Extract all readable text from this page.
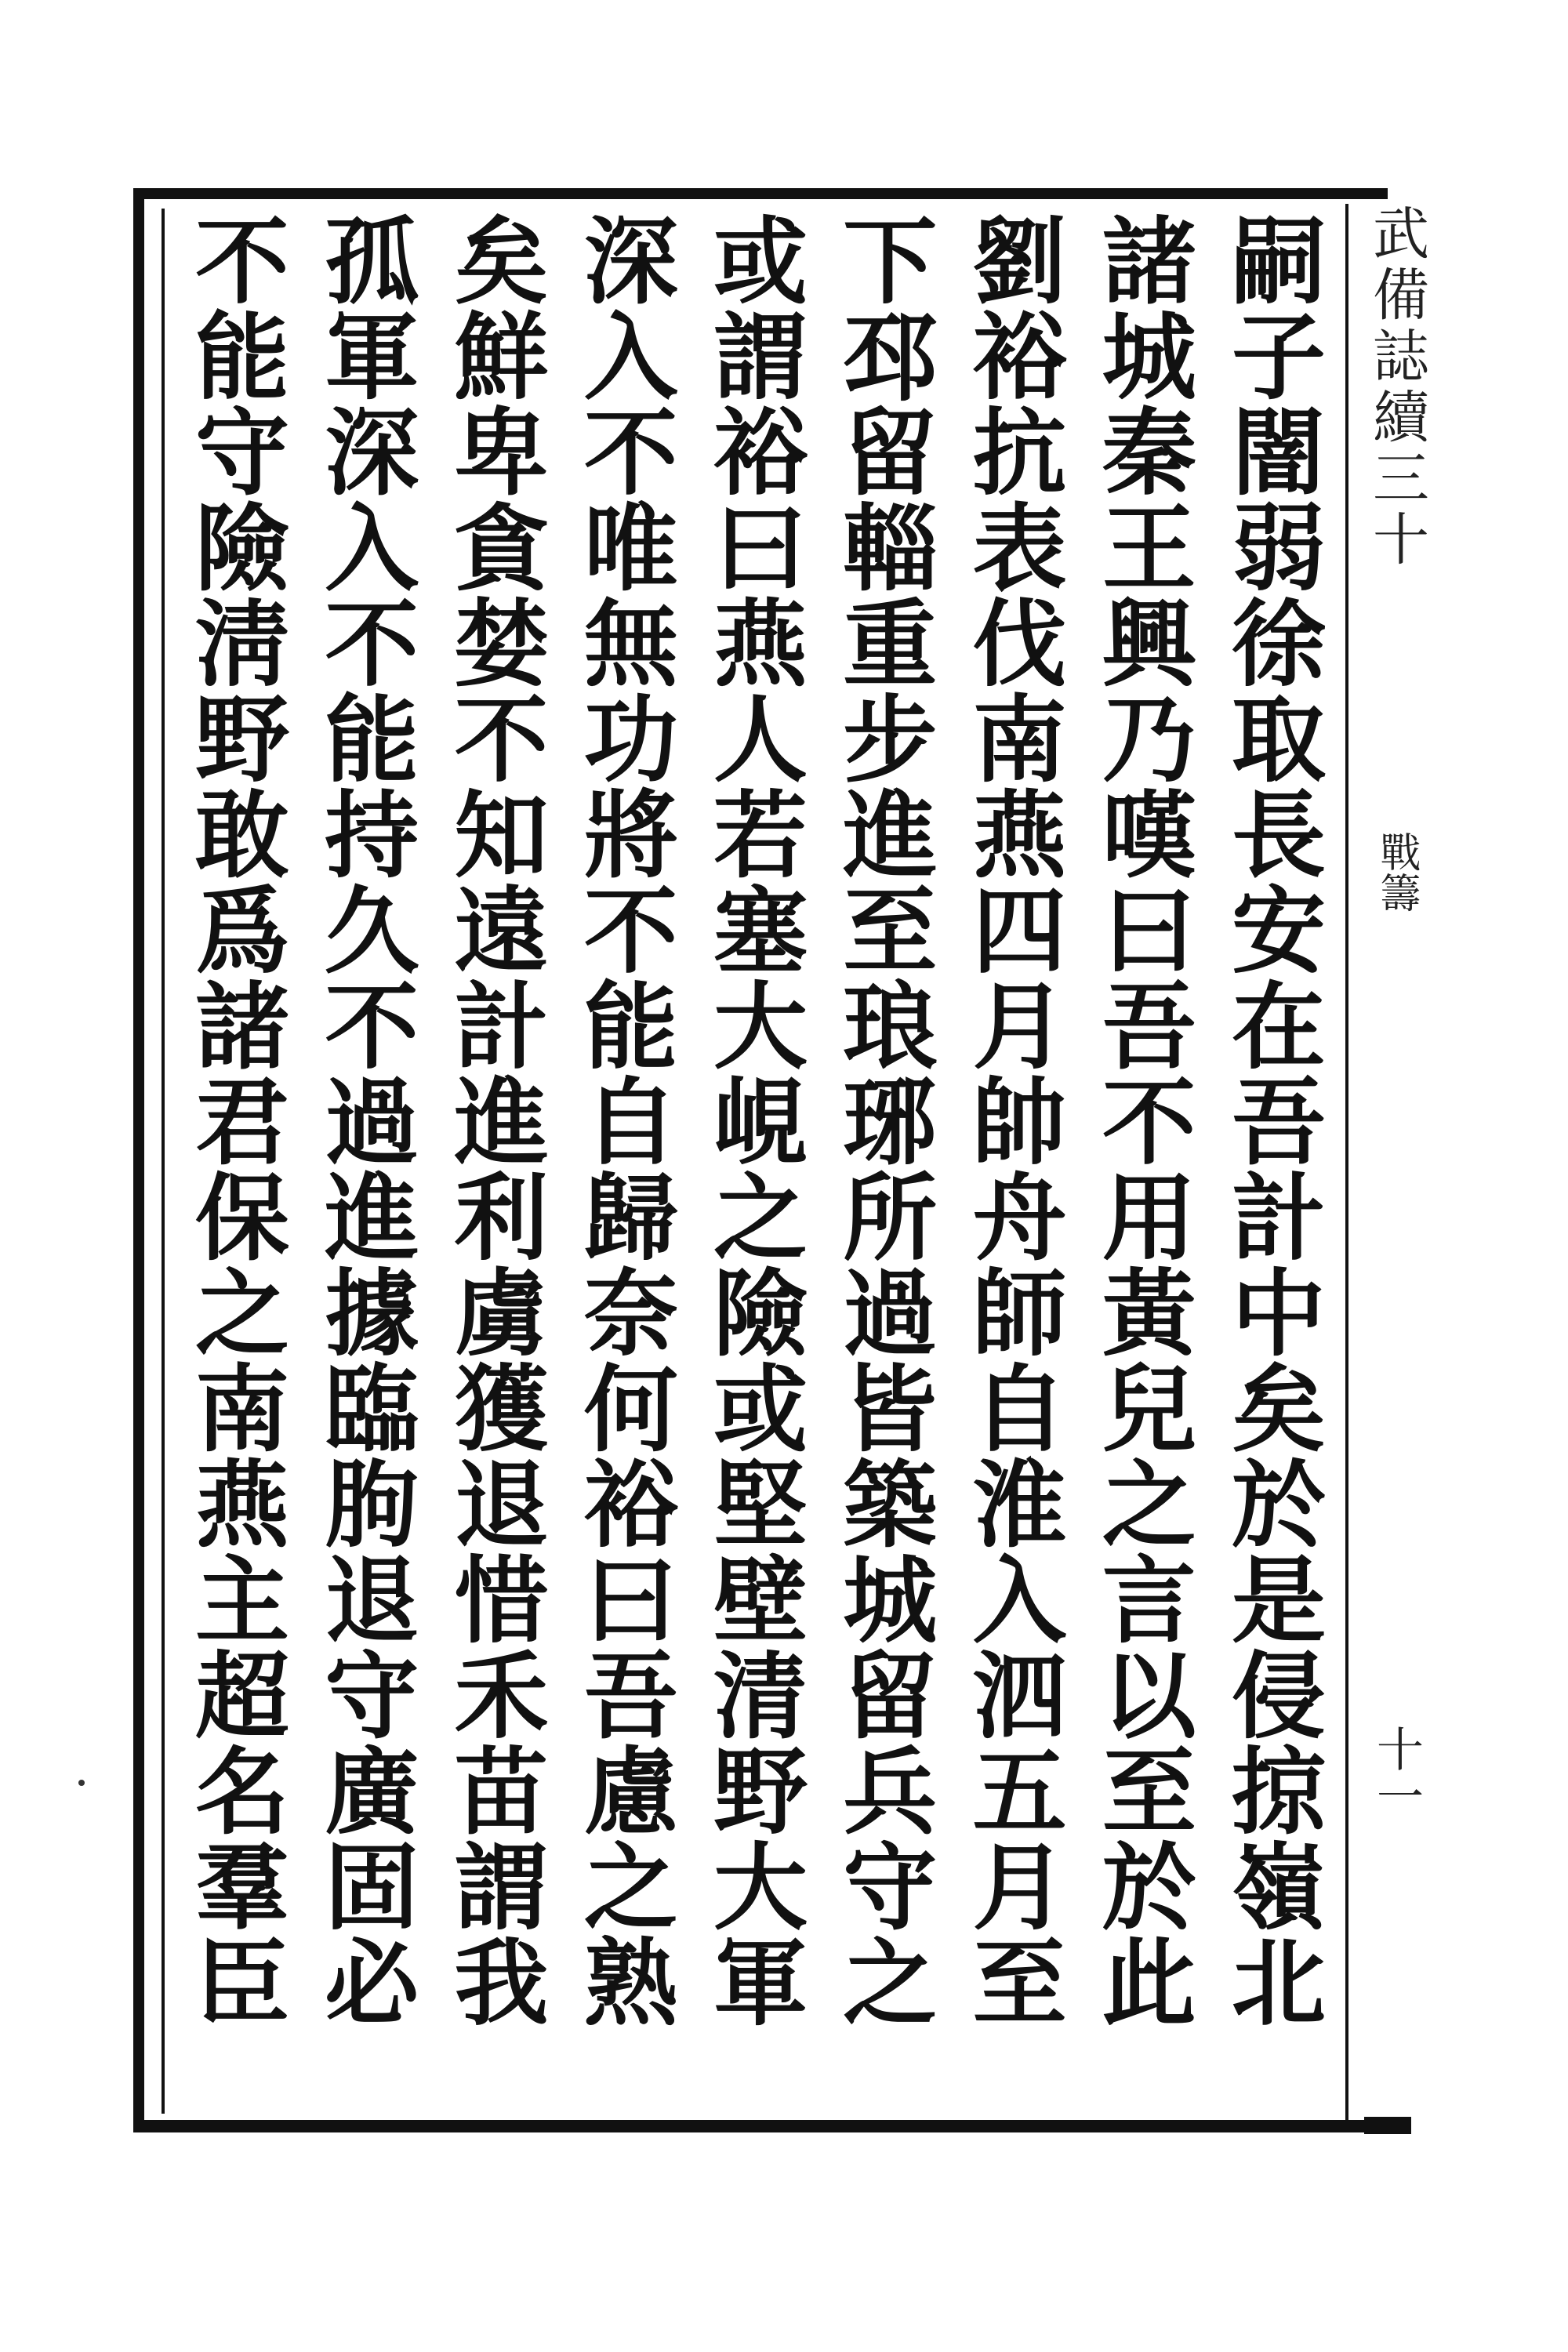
武備誌續三十
戰籌
十一
嗣子闇弱徐取長安在吾計中矣於是侵掠嶺北
諸城秦王興乃嘆曰吾不用黃兒之言以至於此
劉裕抗表伐南燕四月帥舟師自淮入泗五月至
下邳留輜重步進至琅琊所過皆築城留兵守之
或謂裕曰燕人若塞大峴之險或堅壁清野大軍
深入不唯無功將不能自歸奈何裕曰吾慮之熟
矣鮮卑貪婪不知遠計進利虜獲退惜禾苗謂我
孤軍深入不能持久不過進據臨朐退守廣固必
不能守險淸野敢爲諸君保之南燕主超名羣臣
